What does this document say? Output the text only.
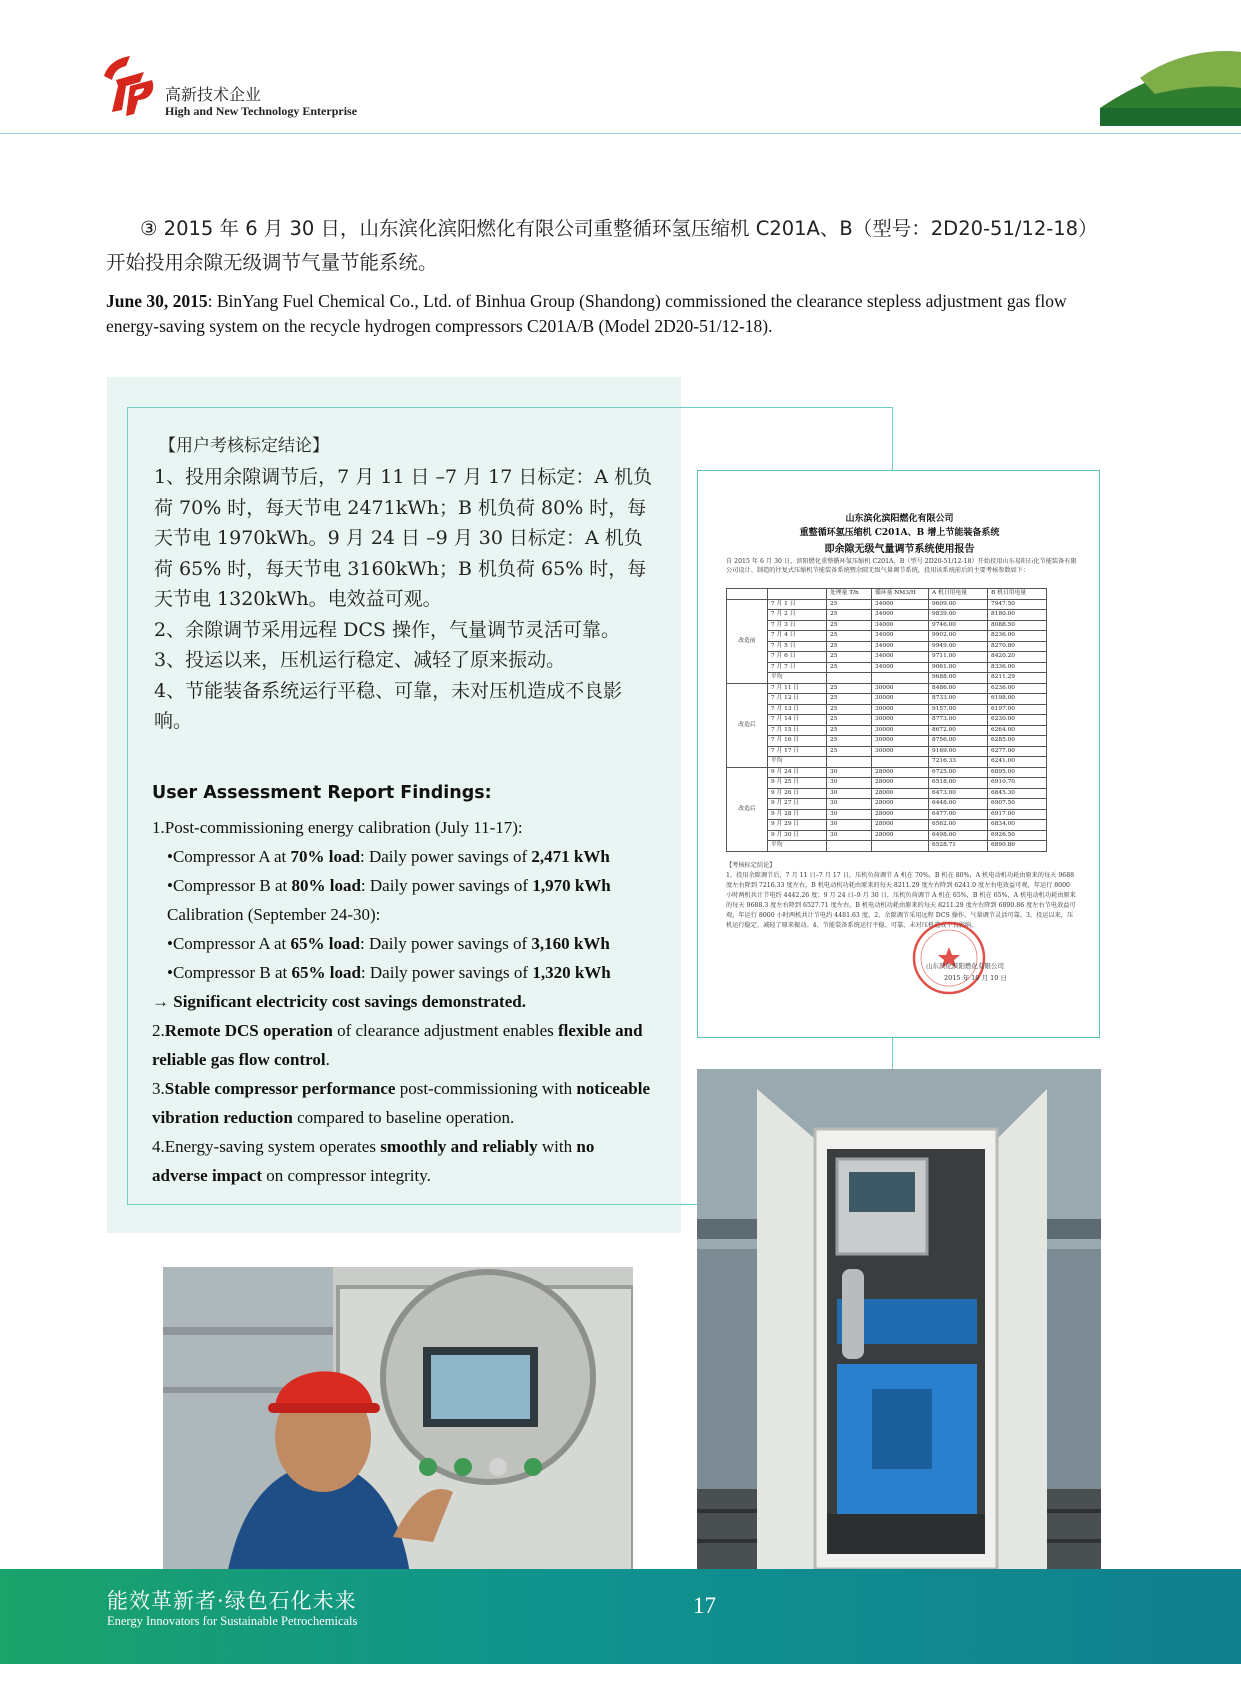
高新技术企业
High and New Technology Enterprise
③ 2015 年 6 月 30 日，山东滨化滨阳燃化有限公司重整循环氢压缩机 C201A、B（型号：2D20-51/12-18）开始投用余隙无级调节气量节能系统。
June 30, 2015: BinYang Fuel Chemical Co., Ltd. of Binhua Group (Shandong) commissioned the clearance stepless adjustment gas flow energy-saving system on the recycle hydrogen compressors C201A/B (Model 2D20-51/12-18).
【用户考核标定结论】

1、投用余隙调节后，7 月 11 日 –7 月 17 日标定：A 机负荷 70% 时，每天节电 2471kWh；B 机负荷 80% 时，每天节电 1970kWh。9 月 24 日 –9 月 30 日标定：A 机负荷 65% 时，每天节电 3160kWh；B 机负荷 65% 时，每天节电 1320kWh。电效益可观。

2、余隙调节采用远程 DCS 操作，气量调节灵活可靠。

3、投运以来，压机运行稳定、减轻了原来振动。

4、节能装备系统运行平稳、可靠，未对压机造成不良影响。

User Assessment Report Findings:

1.Post-commissioning energy calibration (July 11-17):

•Compressor A at 70% load: Daily power savings of 2,471 kWh

•Compressor B at 80% load: Daily power savings of 1,970 kWh

Calibration (September 24-30):

•Compressor A at 65% load: Daily power savings of 3,160 kWh

•Compressor B at 65% load: Daily power savings of 1,320 kWh

→ Significant electricity cost savings demonstrated.

2.Remote DCS operation of clearance adjustment enables flexible and reliable gas flow control.

3.Stable compressor performance post-commissioning with noticeable vibration reduction compared to baseline operation.

4.Energy-saving system operates smoothly and reliably with no adverse impact on compressor integrity.

山东滨化滨阳燃化有限公司
重整循环氢压缩机 C201A、B 增上节能装备系统
即余隙无级气量调节系统使用报告
自 2015 年 6 月 30 日，滨阳燃化重整循环氢压缩机 C201A、B（型号 2D20-51/12-18）开始投用山东易阳石化节能装备有限公司设计、制造的往复式压缩机节能装备系统暨余隙无级气量调节系统，投用该系统前后的主要考核参数如下：
		处理量 T/h	循环量 NM3/H	A 机日用电量	B 机日用电量
改造前	7 月 1 日	25	34000	9609.00	7947.50
	7 月 2 日	25	34000	9839.00	8180.00
	7 月 3 日	25	34000	9746.00	8088.50
	7 月 4 日	25	34000	9902.00	8236.00
	7 月 5 日	25	34000	9949.00	8270.80
	7 月 6 日	25	34000	9711.00	8420.20
	7 月 7 日	25	34000	9061.00	8336.00
	平均			9688.00	8211.29
改造后	7 月 11 日	25	30000	8486.00	6236.00
	7 月 12 日	25	30000	8733.00	6198.00
	7 月 13 日	25	30000	9157.00	6197.00
	7 月 14 日	25	30000	8773.00	6230.00
	7 月 15 日	25	30000	8672.00	6264.00
	7 月 16 日	25	30000	8756.00	6285.00
	7 月 17 日	25	30000	9169.00	6277.00
	平均			7216.33	6241.00
改造后	9 月 24 日	30	28000	6725.00	6895.00
	9 月 25 日	30	28000	6518.00	6910.70
	9 月 26 日	30	28000	6473.00	6845.30
	9 月 27 日	30	28000	6448.00	6907.50
	9 月 28 日	30	28000	6477.00	6917.00
	9 月 29 日	30	28000	6562.00	6834.00
	9 月 30 日	30	28000	6498.00	6926.50
	平均			6528.71	6890.86
【考核标定结论】
1、投用余隙调节后，7 月 11 日–7 月 17 日，压机负荷调节 A 机在 70%，B 机在 80%，A 机电动机功耗由原来的每天 9688 度左右降到 7216.33 度左右，B 机电动机功耗由原来的每天 8211.29 度左右降到 6241.0 度左右电效益可观，年运行 8000 小时两机共计节电约 4442.26 度；9 月 24 日–9 月 30 日，压机负荷调节 A 机在 65%，B 机在 65%，A 机电动机功耗由原来的每天 9688.3 度左右降到 6527.71 度左右，B 机电动机功耗由原来的每天 8211.29 度左右降到 6890.86 度左右节电效益可观，年运行 8000 小时两机共计节电约 4481.63 度。2、余隙调节采用远程 DCS 操作，气量调节灵活可靠。3、投运以来，压机运行稳定、减轻了原来振动。4、节能装备系统运行平稳、可靠，未对压机造成不良影响。
山东滨化滨阳燃化有限公司
2015 年 10 月 10 日
能效革新者·绿色石化未来
Energy Innovators for Sustainable Petrochemicals
17
